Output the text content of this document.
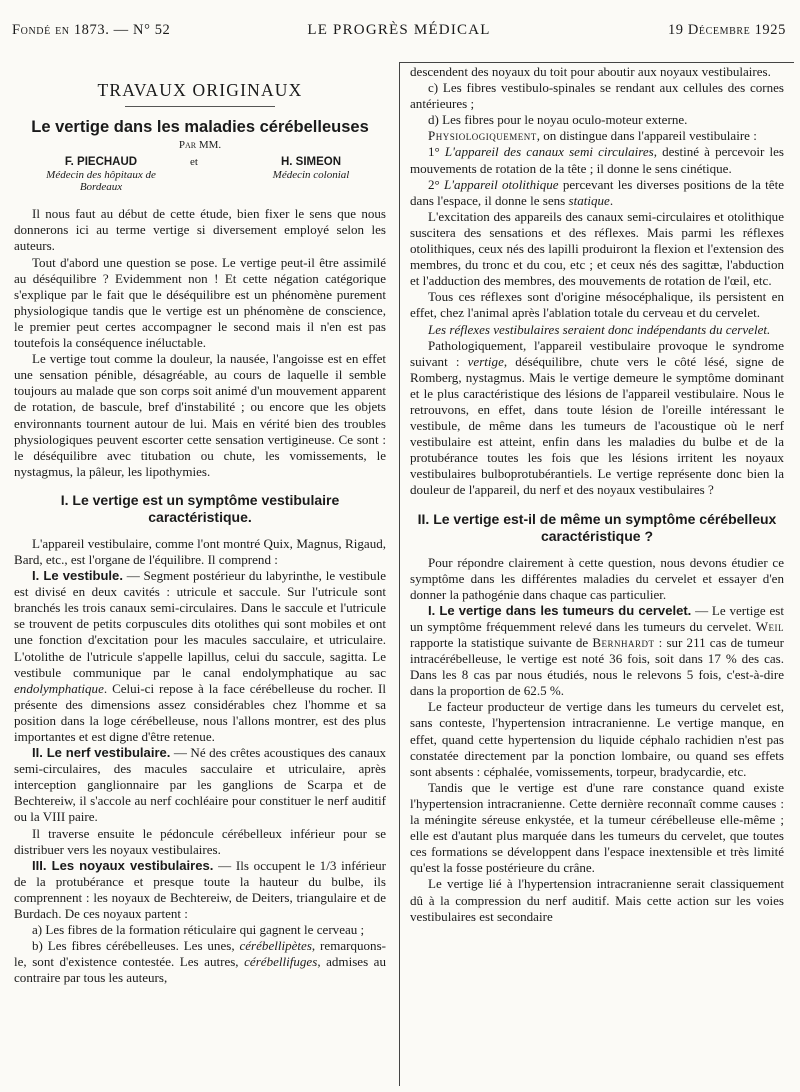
Fondé en 1873. — N° 52	LE PROGRÈS MÉDICAL	19 Décembre 1925
TRAVAUX ORIGINAUX
Le vertige dans les maladies cérébelleuses
Par MM.
F. PIECHAUD
Médecin des hôpitaux de Bordeaux
et	H. SIMEON
Médecin colonial

Il nous faut au début de cette étude, bien fixer le sens que nous donnerons ici au terme vertige si diversement employé selon les auteurs.

Tout d'abord une question se pose. Le vertige peut-il être assimilé au déséquilibre ? Evidemment non ! Et cette négation catégorique s'explique par le fait que le déséquilibre est un phénomène purement physiologique tandis que le vertige est un phénomène de conscience, le premier peut certes accompagner le second mais il n'en est pas toutefois la conséquence inéluctable.

Le vertige tout comme la douleur, la nausée, l'angoisse est en effet une sensation pénible, désagréable, au cours de laquelle il semble toujours au malade que son corps soit animé d'un mouvement apparent de rotation, de bascule, bref d'instabilité ; ou encore que les objets environnants tournent autour de lui. Mais en vérité bien des troubles physiologiques peuvent escorter cette sensation vertigineuse. Ce sont : le déséquilibre avec titubation ou chute, les vomissements, le nystagmus, la pâleur, les lipothymies.

I. Le vertige est un symptôme vestibulaire caractéristique.

L'appareil vestibulaire, comme l'ont montré Quix, Magnus, Rigaud, Bard, etc., est l'organe de l'équilibre. Il comprend :

I. Le vestibule. — Segment postérieur du labyrinthe, le vestibule est divisé en deux cavités : utricule et saccule. Sur l'utricule sont branchés les trois canaux semi-circulaires. Dans le saccule et l'utricule se trouvent de petits corpuscules dits otolithes qui sont mobiles et ont une fonction d'excitation pour les macules sacculaire, et utriculaire. L'otolithe de l'utricule s'appelle lapillus, celui du saccule, sagitta. Le vestibule communique par le canal endolymphatique au sac endolymphatique. Celui-ci repose à la face cérébelleuse du rocher. Il présente des dimensions assez considérables chez l'homme et sa position dans la loge cérébelleuse, nous l'allons montrer, est des plus importantes et est digne d'être retenue.

II. Le nerf vestibulaire. — Né des crêtes acoustiques des canaux semi-circulaires, des macules sacculaire et utriculaire, après interception ganglionnaire par les ganglions de Scarpa et de Bechtereiw, il s'accole au nerf cochléaire pour constituer le nerf auditif ou la VIII paire.

Il traverse ensuite le pédoncule cérébelleux inférieur pour se distribuer vers les noyaux vestibulaires.

III. Les noyaux vestibulaires. — Ils occupent le 1/3 inférieur de la protubérance et presque toute la hauteur du bulbe, ils comprennent : les noyaux de Bechtereiw, de Deiters, triangulaire et de Burdach. De ces noyaux partent :

a) Les fibres de la formation réticulaire qui gagnent le cerveau ;

b) Les fibres cérébelleuses. Les unes, cérébellipètes, remarquons-le, sont d'existence contestée. Les autres, cérébellifuges, admises au contraire par tous les auteurs,

descendent des noyaux du toit pour aboutir aux noyaux vestibulaires.

c) Les fibres vestibulo-spinales se rendant aux cellules des cornes antérieures ;

d) Les fibres pour le noyau oculo-moteur externe.

Physiologiquement, on distingue dans l'appareil vestibulaire :

1° L'appareil des canaux semi circulaires, destiné à percevoir les mouvements de rotation de la tête ; il donne le sens cinétique.

2° L'appareil otolithique percevant les diverses positions de la tête dans l'espace, il donne le sens statique.

L'excitation des appareils des canaux semi-circulaires et otolithique suscitera des sensations et des réflexes. Mais parmi les réflexes otolithiques, ceux nés des lapilli produiront la flexion et l'extension des membres, du tronc et du cou, etc ; et ceux nés des sagittæ, l'abduction et l'adduction des membres, des mouvements de rotation de l'œil, etc.

Tous ces réflexes sont d'origine mésocéphalique, ils persistent en effet, chez l'animal après l'ablation totale du cerveau et du cervelet.

Les réflexes vestibulaires seraient donc indépendants du cervelet.

Pathologiquement, l'appareil vestibulaire provoque le syndrome suivant : vertige, déséquilibre, chute vers le côté lésé, signe de Romberg, nystagmus. Mais le vertige demeure le symptôme dominant et le plus caractéristique des lésions de l'appareil vestibulaire. Nous le retrouvons, en effet, dans toute lésion de l'oreille intéressant le vestibule, de même dans les tumeurs de l'acoustique où le nerf vestibulaire est atteint, enfin dans les maladies du bulbe et de la protubérance toutes les fois que les lésions irritent les noyaux vestibulaires bulboprotubérantiels. Le vertige représente donc bien la douleur de l'appareil, du nerf et des noyaux vestibulaires ?

II. Le vertige est-il de même un symptôme cérébelleux caractéristique ?

Pour répondre clairement à cette question, nous devons étudier ce symptôme dans les différentes maladies du cervelet et essayer d'en donner la pathogénie dans chaque cas particulier.

I. Le vertige dans les tumeurs du cervelet. — Le vertige est un symptôme fréquemment relevé dans les tumeurs du cervelet. Weil rapporte la statistique suivante de Bernhardt : sur 211 cas de tumeur intracérébelleuse, le vertige est noté 36 fois, soit dans 17 % des cas. Dans les 8 cas par nous étudiés, nous le relevons 5 fois, c'est-à-dire dans la proportion de 62.5 %.

Le facteur producteur de vertige dans les tumeurs du cervelet est, sans conteste, l'hypertension intracranienne. Le vertige manque, en effet, quand cette hypertension du liquide céphalo rachidien n'est pas constatée directement par la ponction lombaire, ou quand ses effets sont absents : céphalée, vomissements, torpeur, bradycardie, etc.

Tandis que le vertige est d'une rare constance quand existe l'hypertension intracranienne. Cette dernière reconnaît comme causes : la méningite séreuse enkystée, et la tumeur cérébelleuse elle-même ; elle est d'autant plus marquée dans les tumeurs du cervelet, que toutes ces formations se développent dans l'espace inextensible et très limité qu'est la fosse postérieure du crâne.

Le vertige lié à l'hypertension intracranienne serait classiquement dû à la compression du nerf auditif. Mais cette action sur les voies vestibulaires est secondaire
